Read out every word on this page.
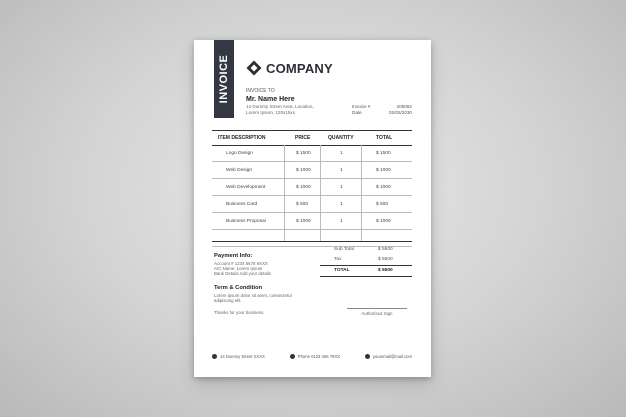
INVOICE	COMPANY
INVOICE TO
Mr. Name Here
14 Dummy Street Area, Location,
Lorem Ipsum, 120x15xx
Invoice #	205092
Date	02/05/2030
ITEM DESCRIPTION	PRICE	QUANTITY	TOTAL
Logo Design	$ 1500	1	$ 1500
Web Design	$ 1000	1	$ 1000
Web Development	$ 1000	1	$ 1000
Business Card	$ 500	1	$ 500
Business Proposal	$ 1000	1	$ 1000
Sub Total	$ 5500
Tax	$ 5500
TOTAL	$ 5500
Payment Info:
Account # 1234 5678 9XXX
A/C Name: Lorem Ipsum
Bank Details Add your details
Term & Condition
Lorem ipsum dolor sit amet, consectetur
adipiscing elit.
Thanks for your business.	Authorised Sign
14 Dummy Street XXXX	Phone 0123 456 78XX	youremail@mail.com
